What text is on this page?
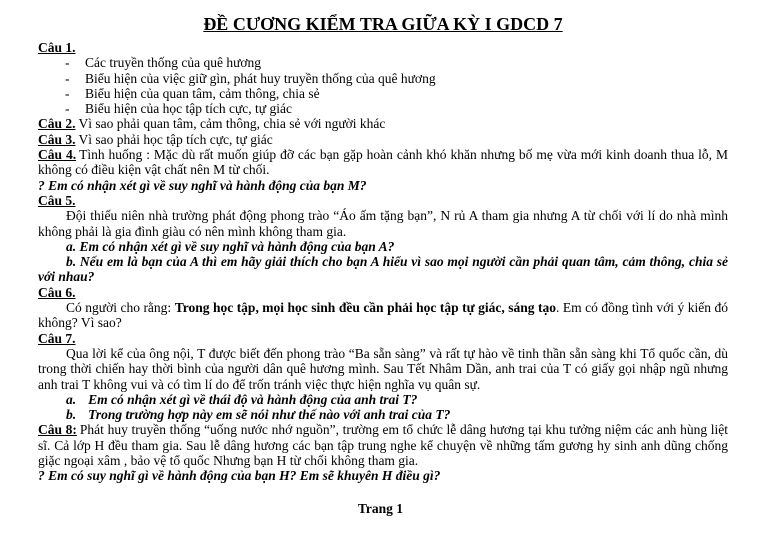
ĐỀ CƯƠNG KIỂM TRA GIỮA KỲ I GDCD 7

Câu 1.

- Các truyền thống của quê hương

- Biểu hiện của việc giữ gìn, phát huy truyền thống của quê hương

- Biểu hiện của quan tâm, cảm thông, chia sẻ

- Biểu hiện của học tập tích cực, tự giác

Câu 2. Vì sao phải quan tâm, cảm thông, chia sẻ với người khác

Câu 3. Vì sao phải học tập tích cực, tự giác

Câu 4. Tình huống : Mặc dù rất muốn giúp đỡ các bạn gặp hoàn cảnh khó khăn nhưng bố mẹ vừa mới kinh doanh thua lỗ, M không có điều kiện vật chất nên M từ chối.

? Em có nhận xét gì về suy nghĩ và hành động của bạn M?

Câu 5.

Đội thiếu niên nhà trường phát động phong trào “Áo ấm tặng bạn”, N rủ A tham gia nhưng A từ chối với lí do nhà mình không phải là gia đình giàu có nên mình không tham gia.

a. Em có nhận xét gì về suy nghĩ và hành động của bạn A?

b. Nếu em là bạn của A thì em hãy giải thích cho bạn A hiểu vì sao mọi người cần phải quan tâm, cảm thông, chia sẻ với nhau?

Câu 6.

Có người cho rằng: Trong học tập, mọi học sinh đều cần phải học tập tự giác, sáng tạo. Em có đồng tình với ý kiến đó không? Vì sao?

Câu 7.

Qua lời kể của ông nội, T được biết đến phong trào “Ba sẵn sàng” và rất tự hào về tinh thần sẵn sàng khi Tổ quốc cần, dù trong thời chiến hay thời bình của người dân quê hương mình. Sau Tết Nhâm Dần, anh trai của T có giấy gọi nhập ngũ nhưng anh trai T không vui và có tìm lí do để trốn tránh việc thực hiện nghĩa vụ quân sự.

a. Em có nhận xét gì về thái độ và hành động của anh trai T?

b. Trong trường hợp này em sẽ nói như thế nào với anh trai của T?

Câu 8: Phát huy truyền thống “uống nước nhớ nguồn”, trường em tổ chức lễ dâng hương tại khu tưởng niệm các anh hùng liệt sĩ. Cả lớp H đều tham gia. Sau lễ dâng hương các bạn tập trung nghe kể chuyện về những tấm gương hy sinh anh dũng chống giặc ngoại xâm , bảo vệ tổ quốc Nhưng bạn H từ chối không tham gia.

? Em có suy nghĩ gì về hành động của bạn H? Em sẽ khuyên H điều gì?

Trang 1
